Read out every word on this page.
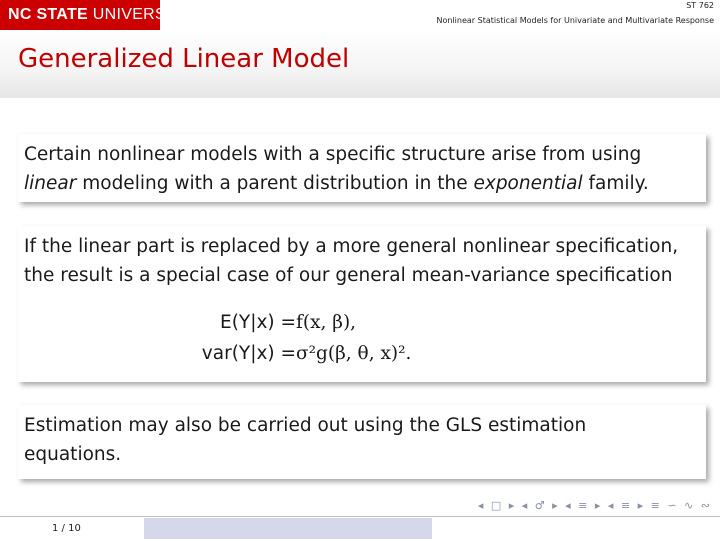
NC STATE UNIVERSITY
ST 762
Nonlinear Statistical Models for Univariate and Multivariate Response
Generalized Linear Model
Certain nonlinear models with a specific structure arise from using
linear modeling with a parent distribution in the exponential family.
If the linear part is replaced by a more general nonlinear specification,
the result is a special case of our general mean-variance specification
E(Y|x) = f(x, β),
var(Y|x) = σ²g(β, θ, x)².
Estimation may also be carried out using the GLS estimation
equations.
◂ □ ▸ ◂ ♂ ▸ ◂ ≡ ▸ ◂ ≡ ▸ ≡ ∽ ∿ ∾
1 / 10
